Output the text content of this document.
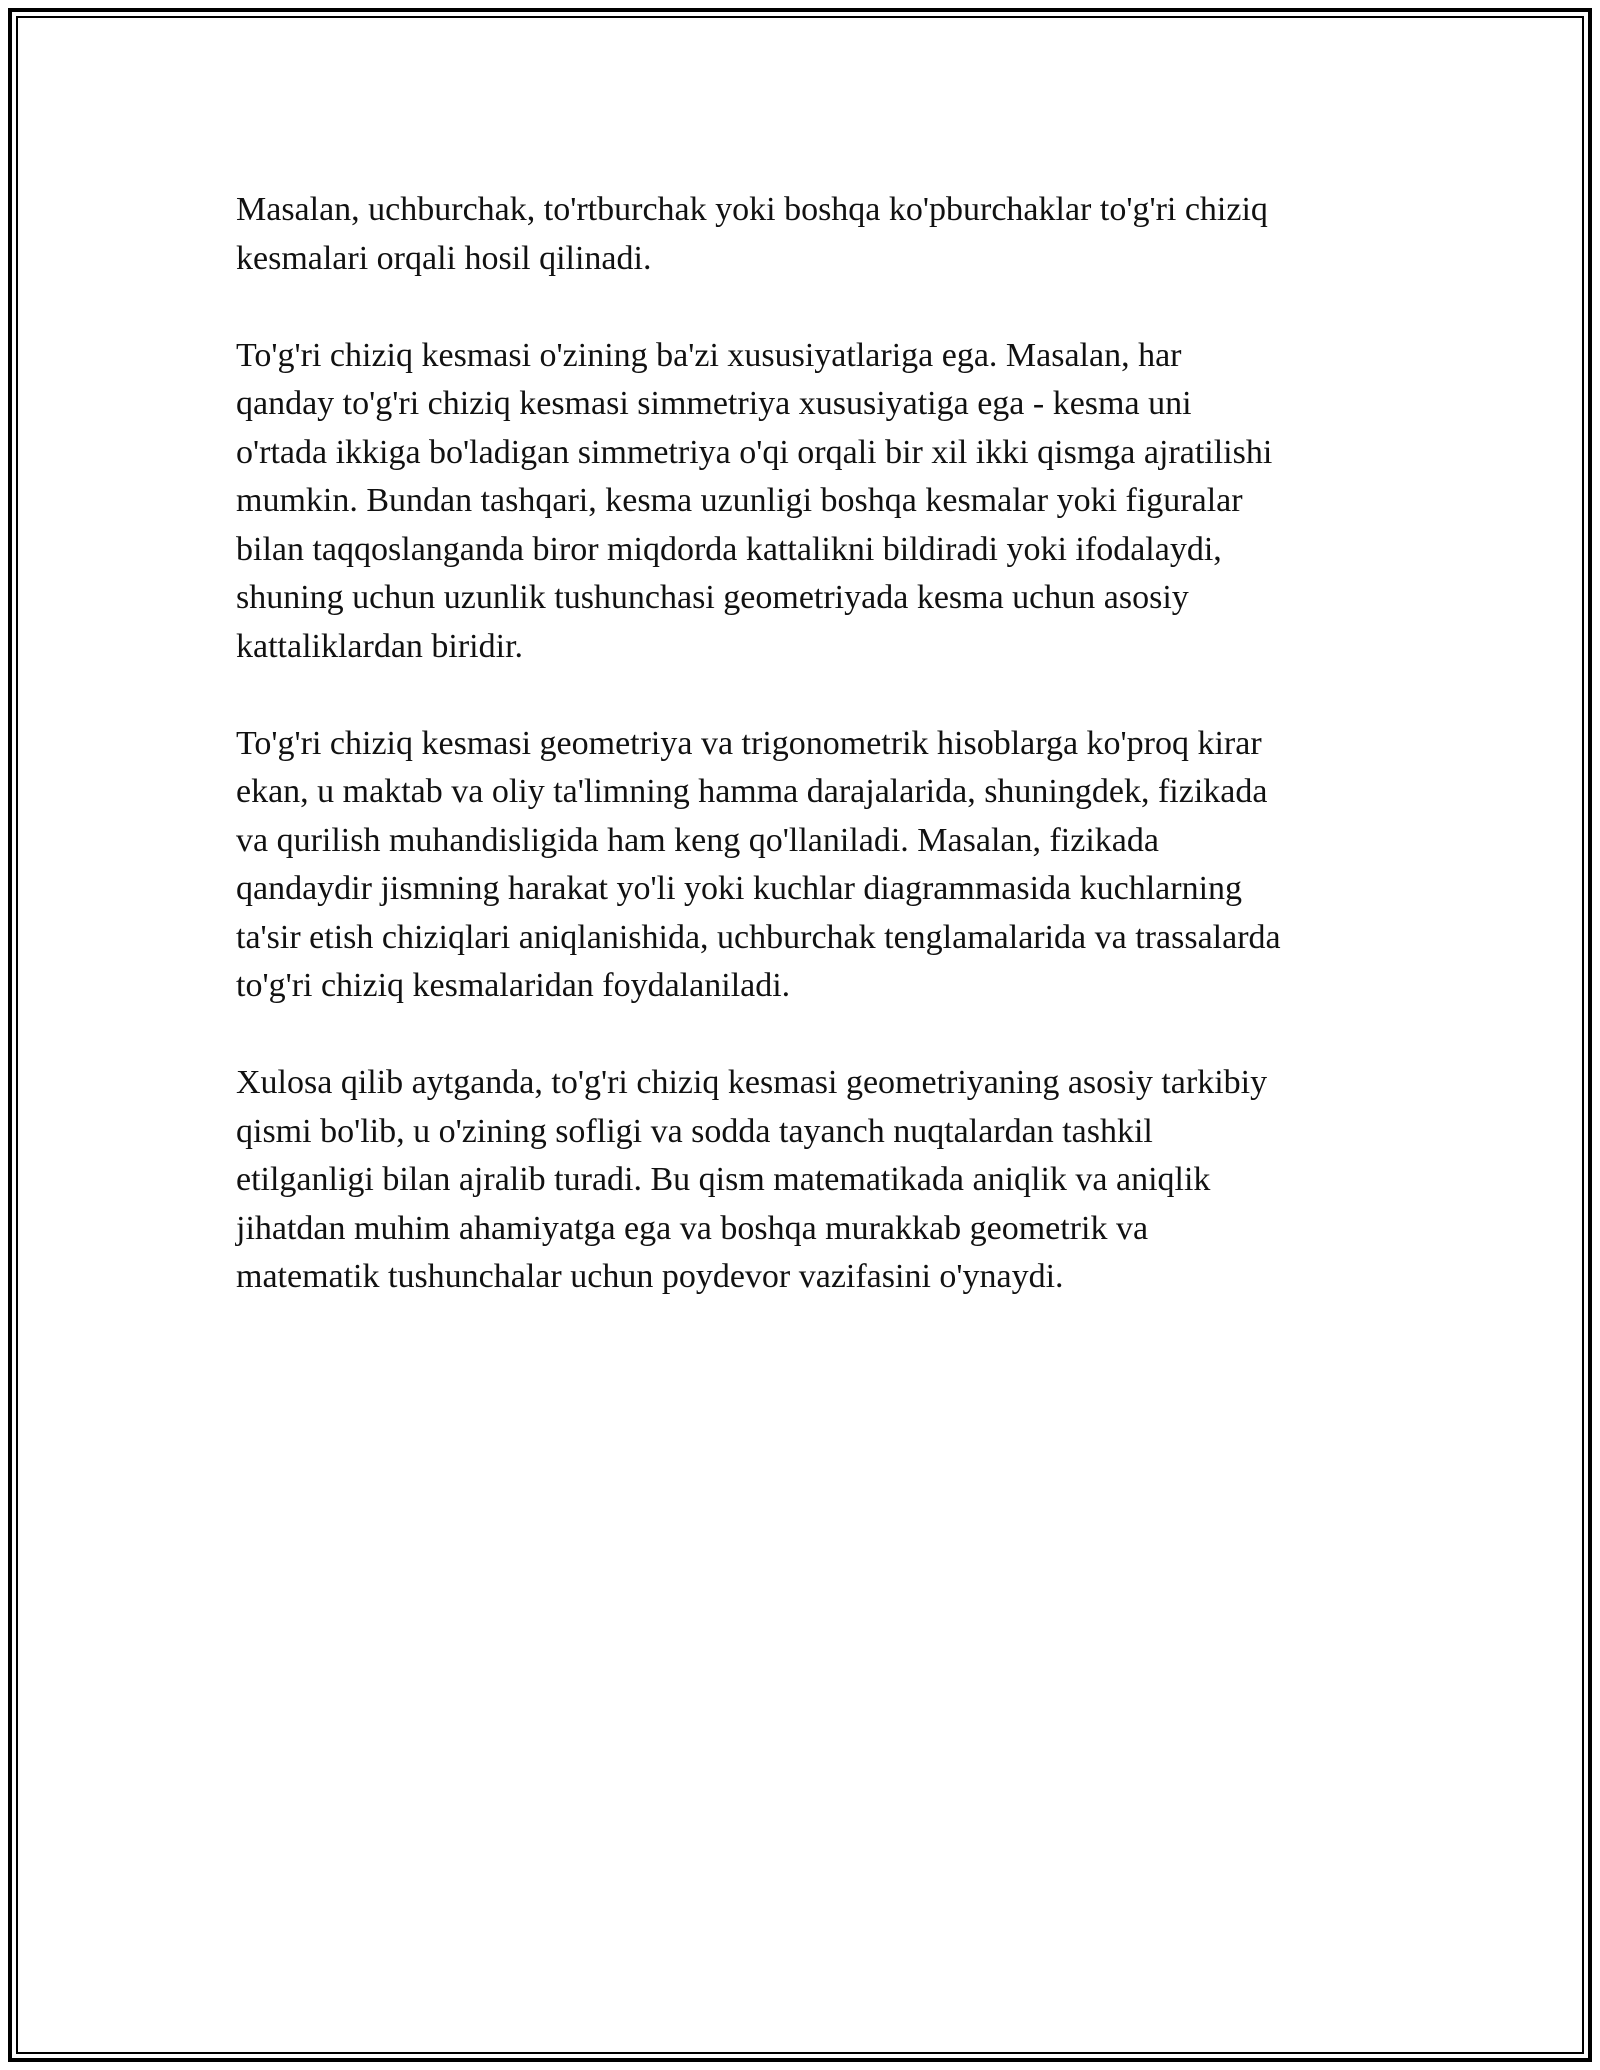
Masalan, uchburchak, to'rtburchak yoki boshqa ko'pburchaklar to'g'ri chiziq
kesmalari orqali hosil qilinadi.

To'g'ri chiziq kesmasi o'zining ba'zi xususiyatlariga ega. Masalan, har
qanday to'g'ri chiziq kesmasi simmetriya xususiyatiga ega - kesma uni
o'rtada ikkiga bo'ladigan simmetriya o'qi orqali bir xil ikki qismga ajratilishi
mumkin. Bundan tashqari, kesma uzunligi boshqa kesmalar yoki figuralar
bilan taqqoslanganda biror miqdorda kattalikni bildiradi yoki ifodalaydi,
shuning uchun uzunlik tushunchasi geometriyada kesma uchun asosiy
kattaliklardan biridir.

To'g'ri chiziq kesmasi geometriya va trigonometrik hisoblarga ko'proq kirar
ekan, u maktab va oliy ta'limning hamma darajalarida, shuningdek, fizikada
va qurilish muhandisligida ham keng qo'llaniladi. Masalan, fizikada
qandaydir jismning harakat yo'li yoki kuchlar diagrammasida kuchlarning
ta'sir etish chiziqlari aniqlanishida, uchburchak tenglamalarida va trassalarda
to'g'ri chiziq kesmalaridan foydalaniladi.

Xulosa qilib aytganda, to'g'ri chiziq kesmasi geometriyaning asosiy tarkibiy
qismi bo'lib, u o'zining sofligi va sodda tayanch nuqtalardan tashkil
etilganligi bilan ajralib turadi. Bu qism matematikada aniqlik va aniqlik
jihatdan muhim ahamiyatga ega va boshqa murakkab geometrik va
matematik tushunchalar uchun poydevor vazifasini o'ynaydi.
